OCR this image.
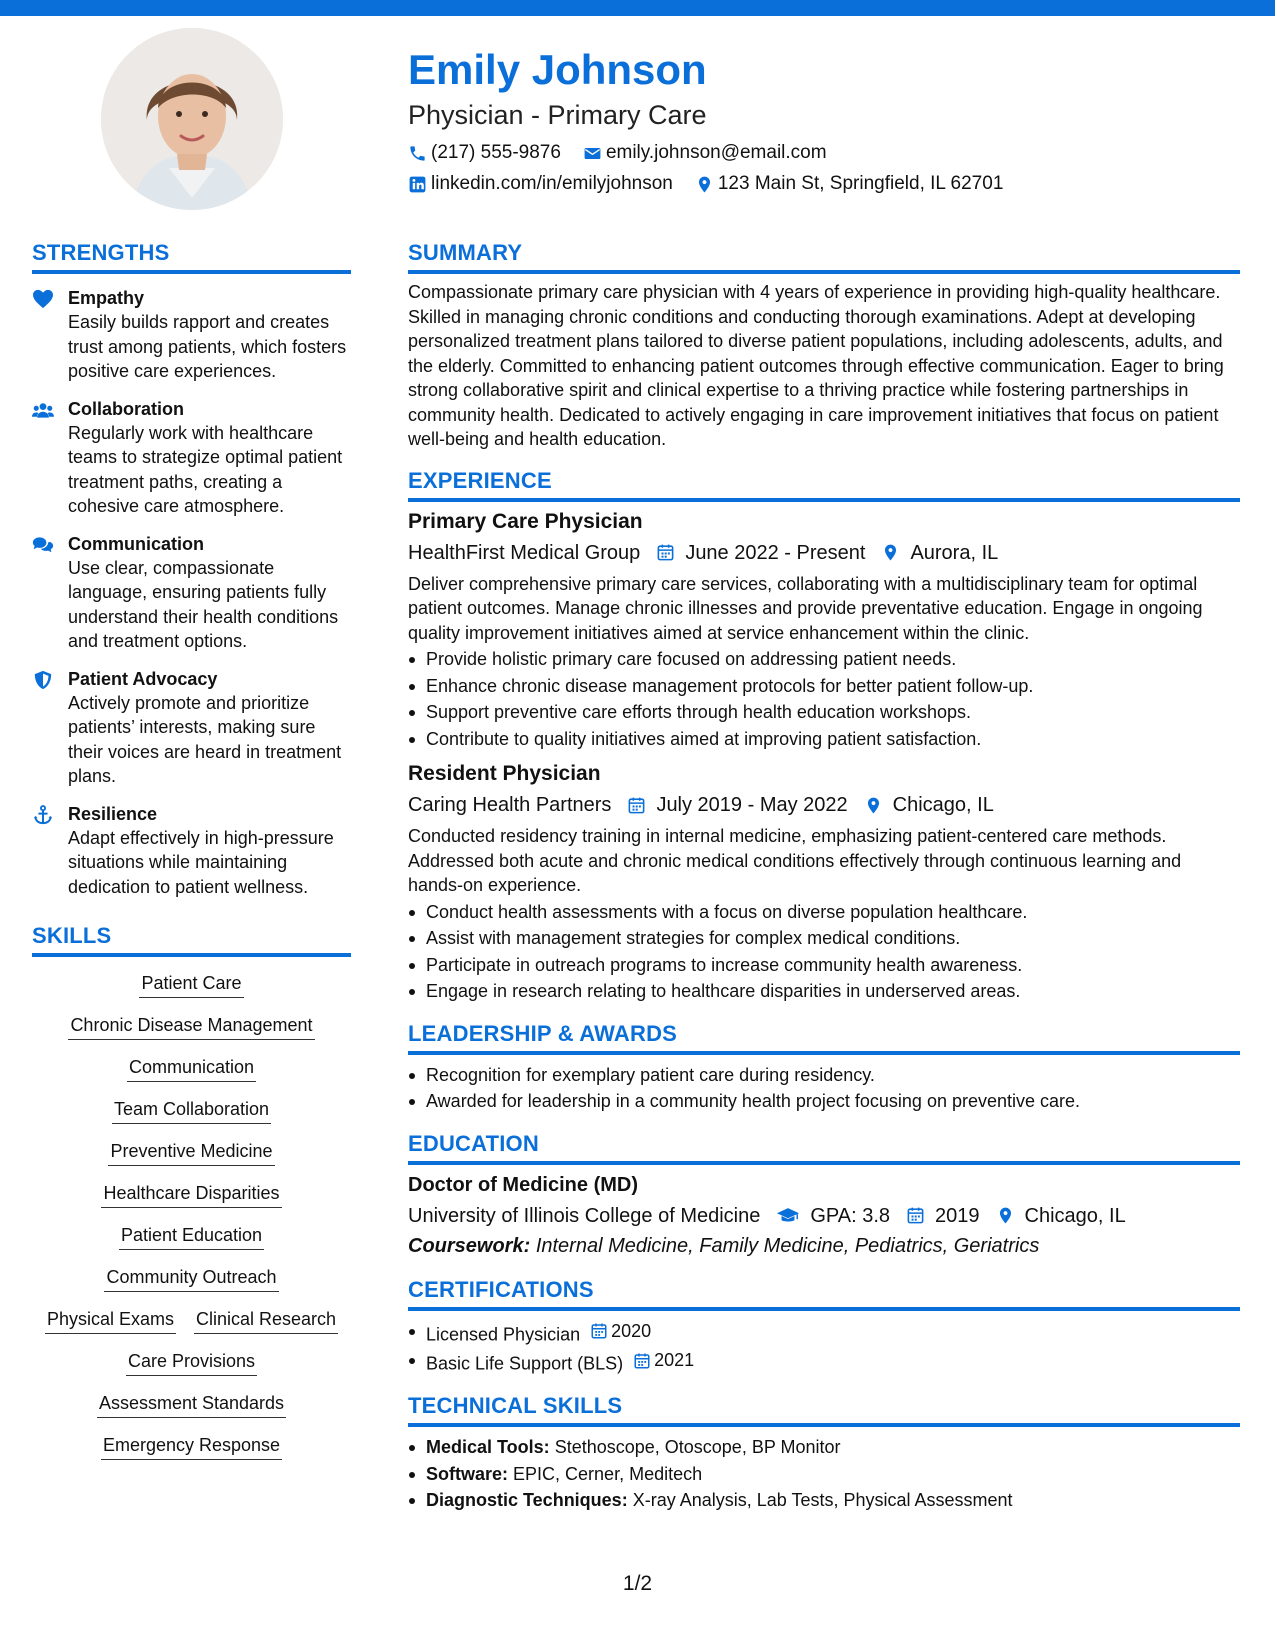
Emily Johnson
Physician - Primary Care
(217) 555-9876 emily.johnson@email.com
linkedin.com/in/emilyjohnson 123 Main St, Springfield, IL 62701
STRENGTHS
Empathy
Easily builds rapport and creates trust among patients, which fosters positive care experiences.
Collaboration
Regularly work with healthcare teams to strategize optimal patient treatment paths, creating a cohesive care atmosphere.
Communication
Use clear, compassionate language, ensuring patients fully understand their health conditions and treatment options.
Patient Advocacy
Actively promote and prioritize patients’ interests, making sure their voices are heard in treatment plans.
Resilience
Adapt effectively in high-pressure situations while maintaining dedication to patient wellness.
SKILLS
Patient Care
Chronic Disease Management
Communication
Team Collaboration
Preventive Medicine
Healthcare Disparities
Patient Education
Community Outreach
Physical Exams Clinical Research
Care Provisions
Assessment Standards
Emergency Response
SUMMARY
Compassionate primary care physician with 4 years of experience in providing high-quality healthcare. Skilled in managing chronic conditions and conducting thorough examinations. Adept at developing personalized treatment plans tailored to diverse patient populations, including adolescents, adults, and the elderly. Committed to enhancing patient outcomes through effective communication. Eager to bring strong collaborative spirit and clinical expertise to a thriving practice while fostering partnerships in community health. Dedicated to actively engaging in care improvement initiatives that focus on patient well-being and health education.
EXPERIENCE
Primary Care Physician
HealthFirst Medical Group June 2022 - Present Aurora, IL
Deliver comprehensive primary care services, collaborating with a multidisciplinary team for optimal patient outcomes. Manage chronic illnesses and provide preventative education. Engage in ongoing quality improvement initiatives aimed at service enhancement within the clinic.
Provide holistic primary care focused on addressing patient needs.
Enhance chronic disease management protocols for better patient follow-up.
Support preventive care efforts through health education workshops.
Contribute to quality initiatives aimed at improving patient satisfaction.
Resident Physician
Caring Health Partners July 2019 - May 2022 Chicago, IL
Conducted residency training in internal medicine, emphasizing patient-centered care methods. Addressed both acute and chronic medical conditions effectively through continuous learning and hands-on experience.
Conduct health assessments with a focus on diverse population healthcare.
Assist with management strategies for complex medical conditions.
Participate in outreach programs to increase community health awareness.
Engage in research relating to healthcare disparities in underserved areas.
LEADERSHIP & AWARDS
Recognition for exemplary patient care during residency.
Awarded for leadership in a community health project focusing on preventive care.
EDUCATION
Doctor of Medicine (MD)
University of Illinois College of Medicine	GPA: 3.8 2019 Chicago, IL
Coursework: Internal Medicine, Family Medicine, Pediatrics, Geriatrics
CERTIFICATIONS
Licensed Physician 2020
Basic Life Support (BLS) 2021
TECHNICAL SKILLS
Medical Tools: Stethoscope, Otoscope, BP Monitor
Software: EPIC, Cerner, Meditech
Diagnostic Techniques: X-ray Analysis, Lab Tests, Physical Assessment
1/2
